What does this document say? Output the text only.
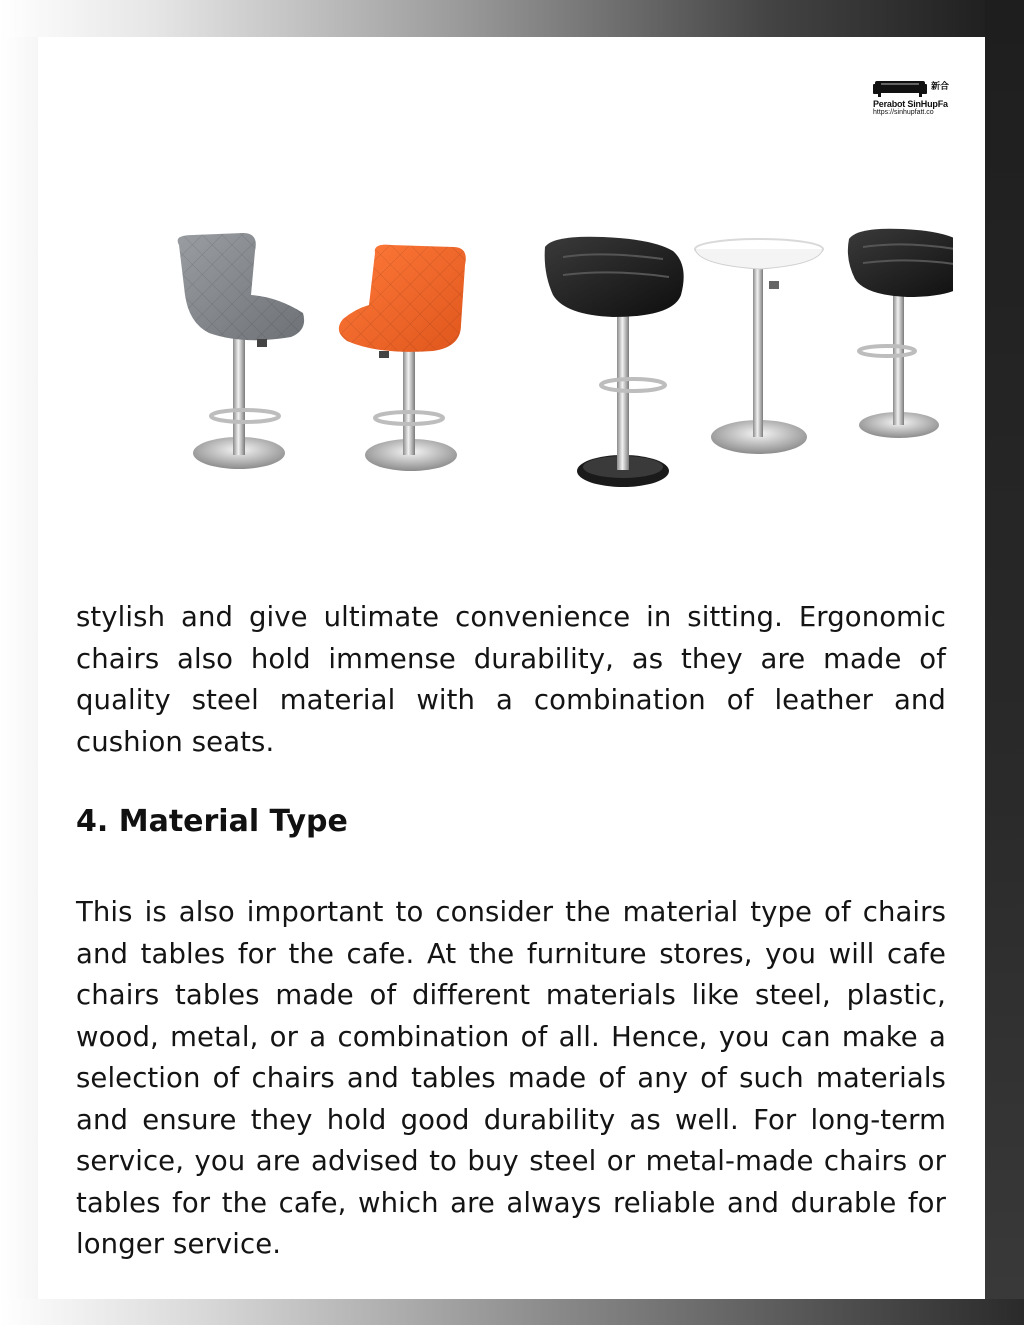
新合
Perabot SinHupFa
https://sinhupfatt.co

stylish and give ultimate convenience in sitting. Ergonomic chairs also hold immense durability, as they are made of quality steel material with a combination of leather and cushion seats.

4. Material Type

This is also important to consider the material type of chairs and tables for the cafe. At the furniture stores, you will cafe chairs tables made of different materials like steel, plastic, wood, metal, or a combination of all. Hence, you can make a selection of chairs and tables made of any of such materials and ensure they hold good durability as well. For long-term service, you are advised to buy steel or metal-made chairs or tables for the cafe, which are always reliable and durable for longer service.
